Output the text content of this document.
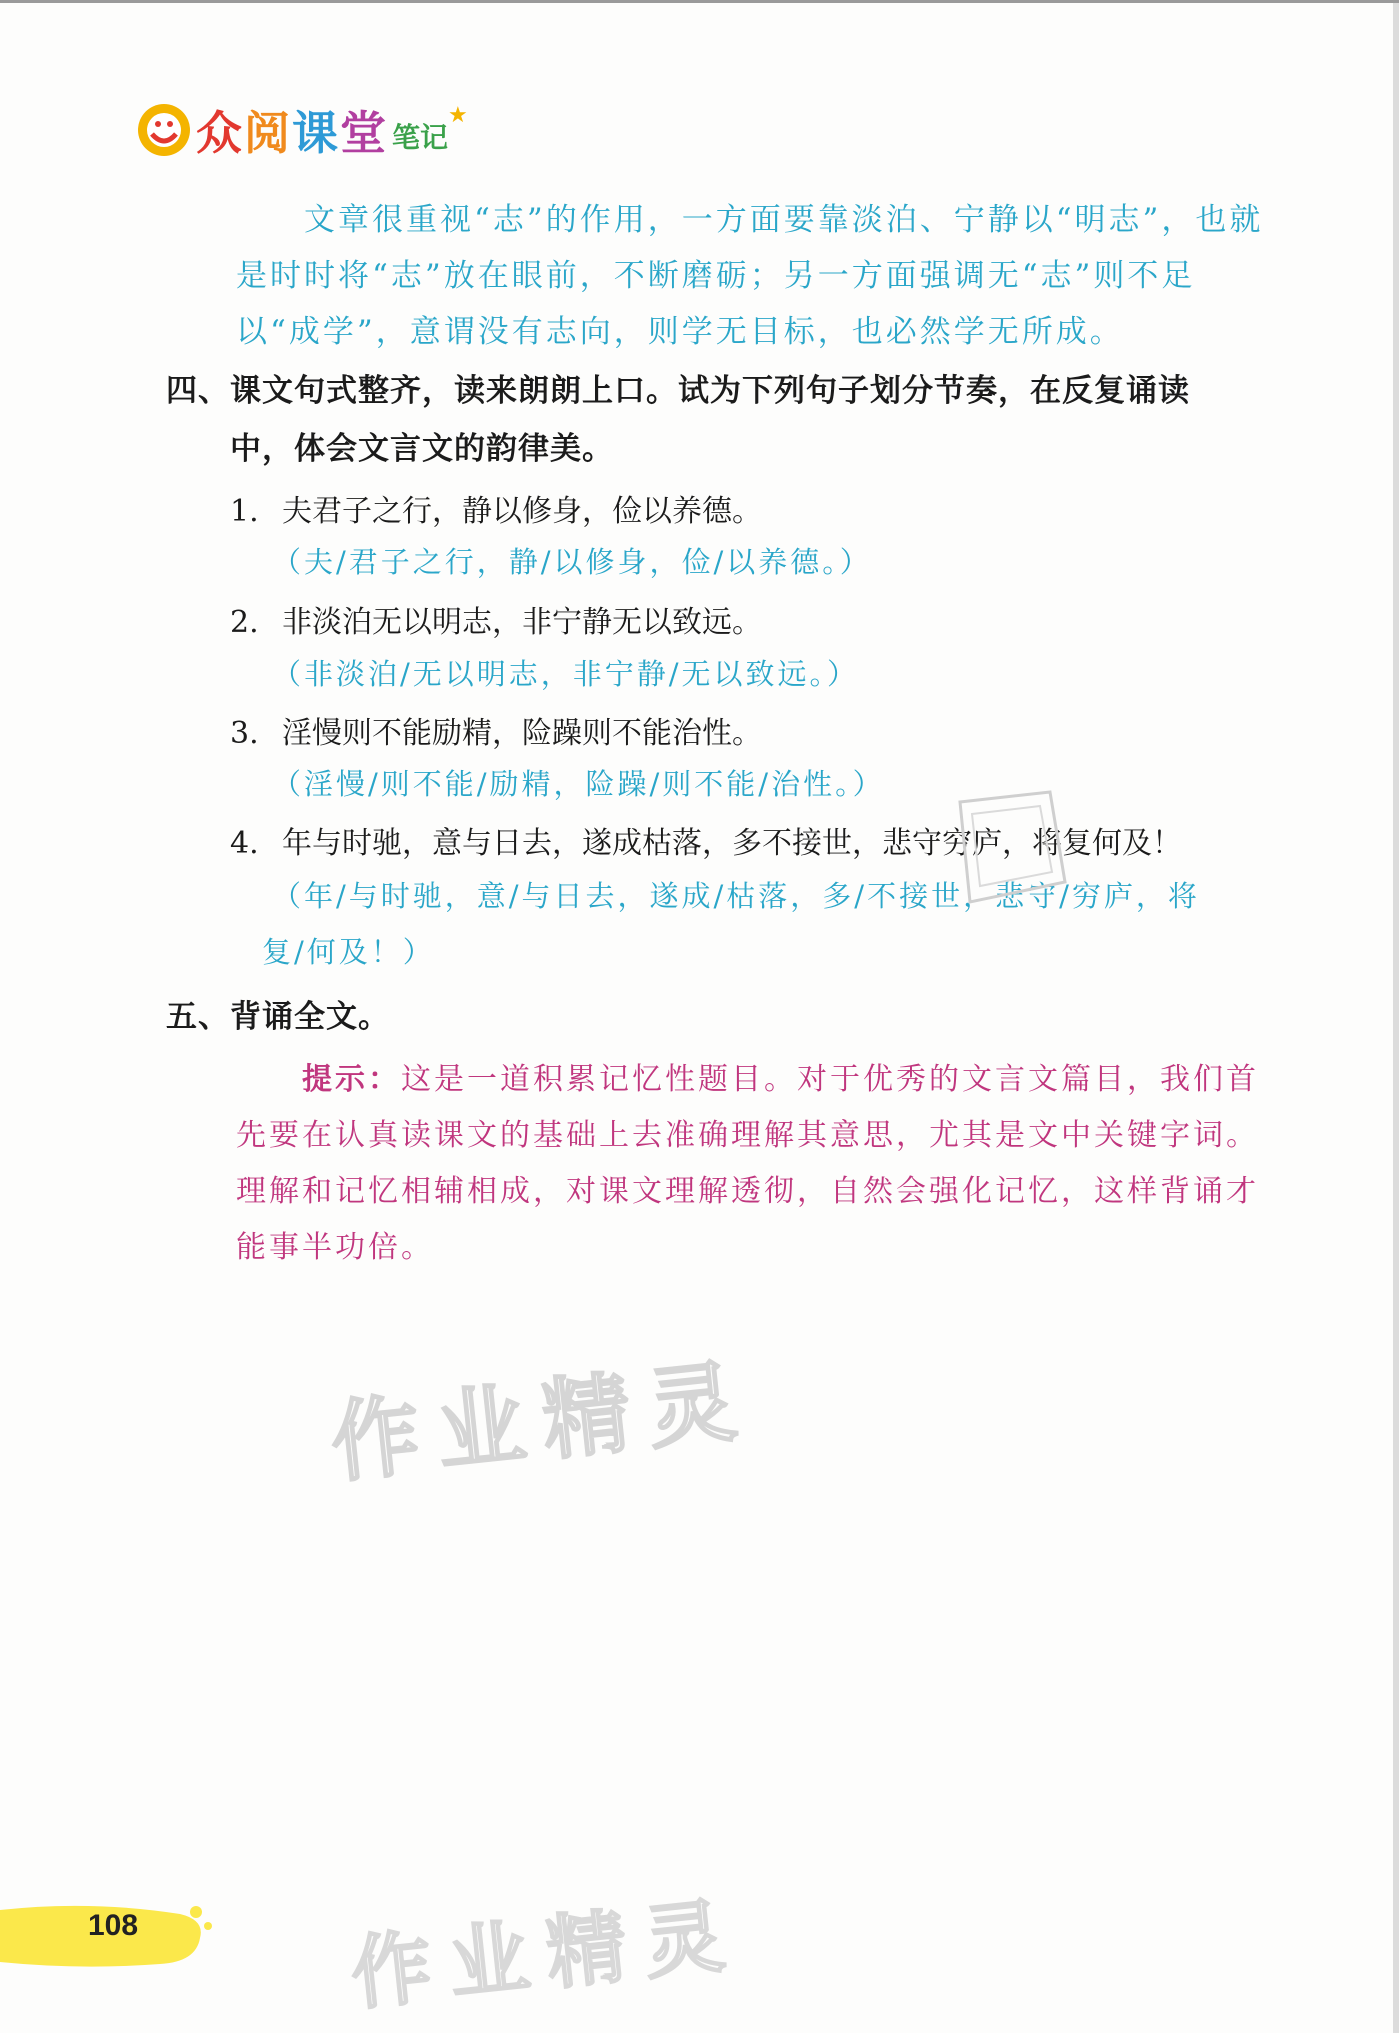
众阅课堂 笔记
★
文章很重视“志”的作用，一方面要靠淡泊、宁静以“明志”，也就是时时将“志”放在眼前，不断磨砺；另一方面强调无“志”则不足以“成学”，意谓没有志向，则学无目标，也必然学无所成。
四、课文句式整齐，读来朗朗上口。试为下列句子划分节奏，在反复诵读
中，体会文言文的韵律美。
1. 夫君子之行，静以修身，俭以养德。
（夫/君子之行，静/以修身，俭/以养德。）
2. 非淡泊无以明志，非宁静无以致远。
（非淡泊/无以明志，非宁静/无以致远。）
3. 淫慢则不能励精，险躁则不能治性。
（淫慢/则不能/励精，险躁/则不能/治性。）
4. 年与时驰，意与日去，遂成枯落，多不接世，悲守穷庐，将复何及！
（年/与时驰，意/与日去，遂成/枯落，多/不接世，悲守/穷庐，将
复/何及！）
五、背诵全文。
提示：这是一道积累记忆性题目。对于优秀的文言文篇目，我们首先要在认真读课文的基础上去准确理解其意思，尤其是文中关键字词。理解和记忆相辅相成，对课文理解透彻，自然会强化记忆，这样背诵才能事半功倍。
作业精灵
作业精灵
108
